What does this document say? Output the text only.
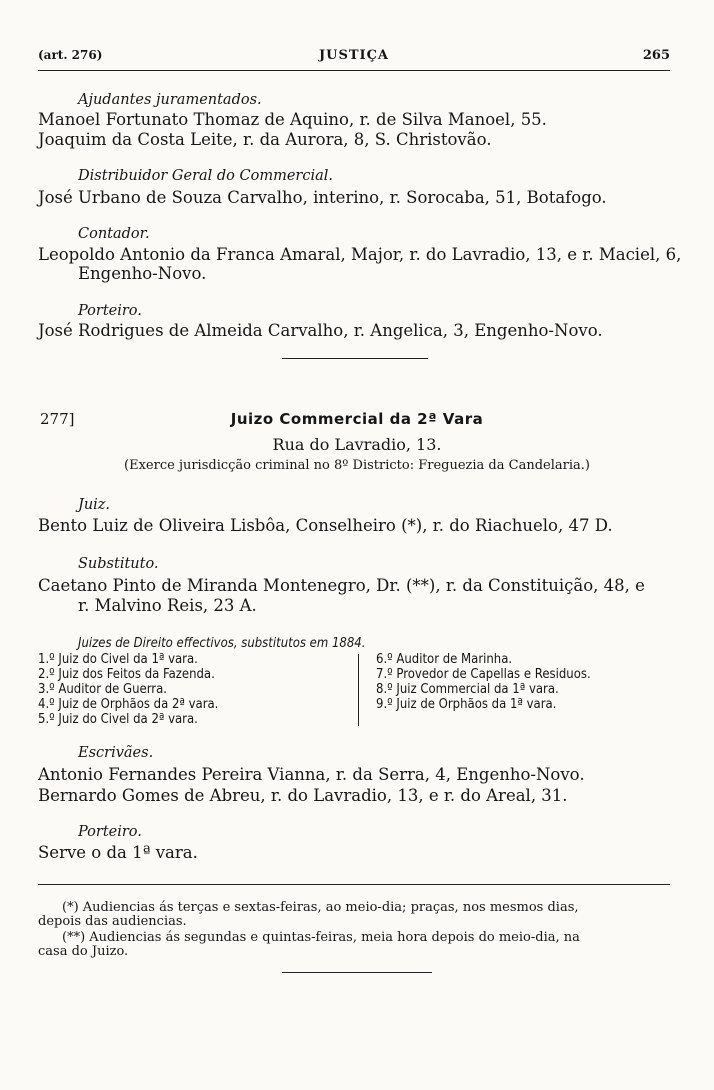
(art. 276)	JUSTIÇA	265
Ajudantes juramentados.
Manoel Fortunato Thomaz de Aquino, r. de Silva Manoel, 55.
Joaquim da Costa Leite, r. da Aurora, 8, S. Christovão.
Distribuidor Geral do Commercial.
José Urbano de Souza Carvalho, interino, r. Sorocaba, 51, Botafogo.
Contador.
Leopoldo Antonio da Franca Amaral, Major, r. do Lavradio, 13, e r. Maciel, 6,
Engenho-Novo.
Porteiro.
José Rodrigues de Almeida Carvalho, r. Angelica, 3, Engenho-Novo.
277]	Juizo Commercial da 2ª Vara
Rua do Lavradio, 13.
(Exerce jurisdicção criminal no 8º Districto: Freguezia da Candelaria.)
Juiz.
Bento Luiz de Oliveira Lisbôa, Conselheiro (*), r. do Riachuelo, 47 D.
Substituto.
Caetano Pinto de Miranda Montenegro, Dr. (**), r. da Constituição, 48, e
r. Malvino Reis, 23 A.
Juizes de Direito effectivos, substitutos em 1884.
1.º Juiz do Civel da 1ª vara.
2.º Juiz dos Feitos da Fazenda.
3.º Auditor de Guerra.
4.º Juiz de Orphãos da 2ª vara.
5.º Juiz do Civel da 2ª vara.
6.º Auditor de Marinha.
7.º Provedor de Capellas e Residuos.
8.º Juiz Commercial da 1ª vara.
9.º Juiz de Orphãos da 1ª vara.
Escrivães.
Antonio Fernandes Pereira Vianna, r. da Serra, 4, Engenho-Novo.
Bernardo Gomes de Abreu, r. do Lavradio, 13, e r. do Areal, 31.
Porteiro.
Serve o da 1ª vara.
(*) Audiencias ás terças e sextas-feiras, ao meio-dia; praças, nos mesmos dias,
depois das audiencias.
(**) Audiencias ás segundas e quintas-feiras, meia hora depois do meio-dia, na
casa do Juizo.
